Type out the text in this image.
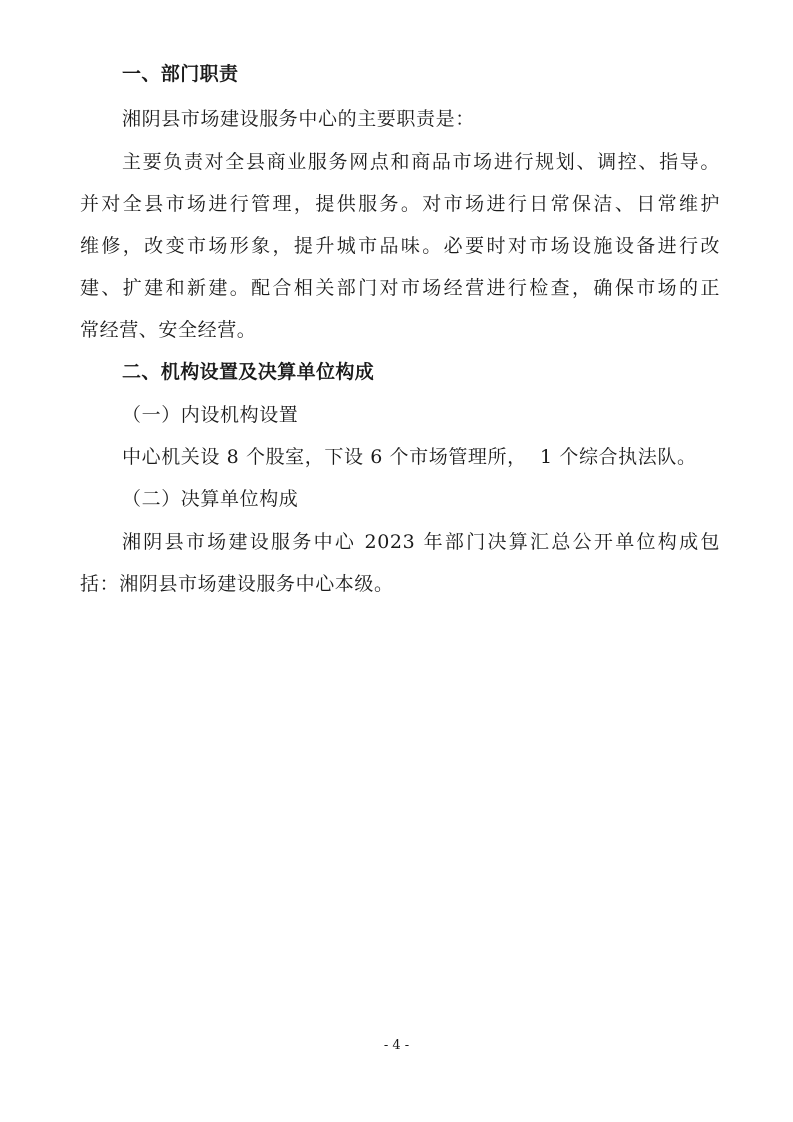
一、部门职责
湘阴县市场建设服务中心的主要职责是：
主要负责对全县商业服务网点和商品市场进行规划、调控、指导。
并对全县市场进行管理，提供服务。对市场进行日常保洁、日常维护
维修，改变市场形象，提升城市品味。必要时对市场设施设备进行改
建、扩建和新建。配合相关部门对市场经营进行检查，确保市场的正
常经营、安全经营。
二、机构设置及决算单位构成
（一）内设机构设置
中心机关设 8 个股室，下设 6 个市场管理所，  1 个综合执法队。
（二）决算单位构成
湘阴县市场建设服务中心 2023 年部门决算汇总公开单位构成包
括：湘阴县市场建设服务中心本级。
- 4 -
